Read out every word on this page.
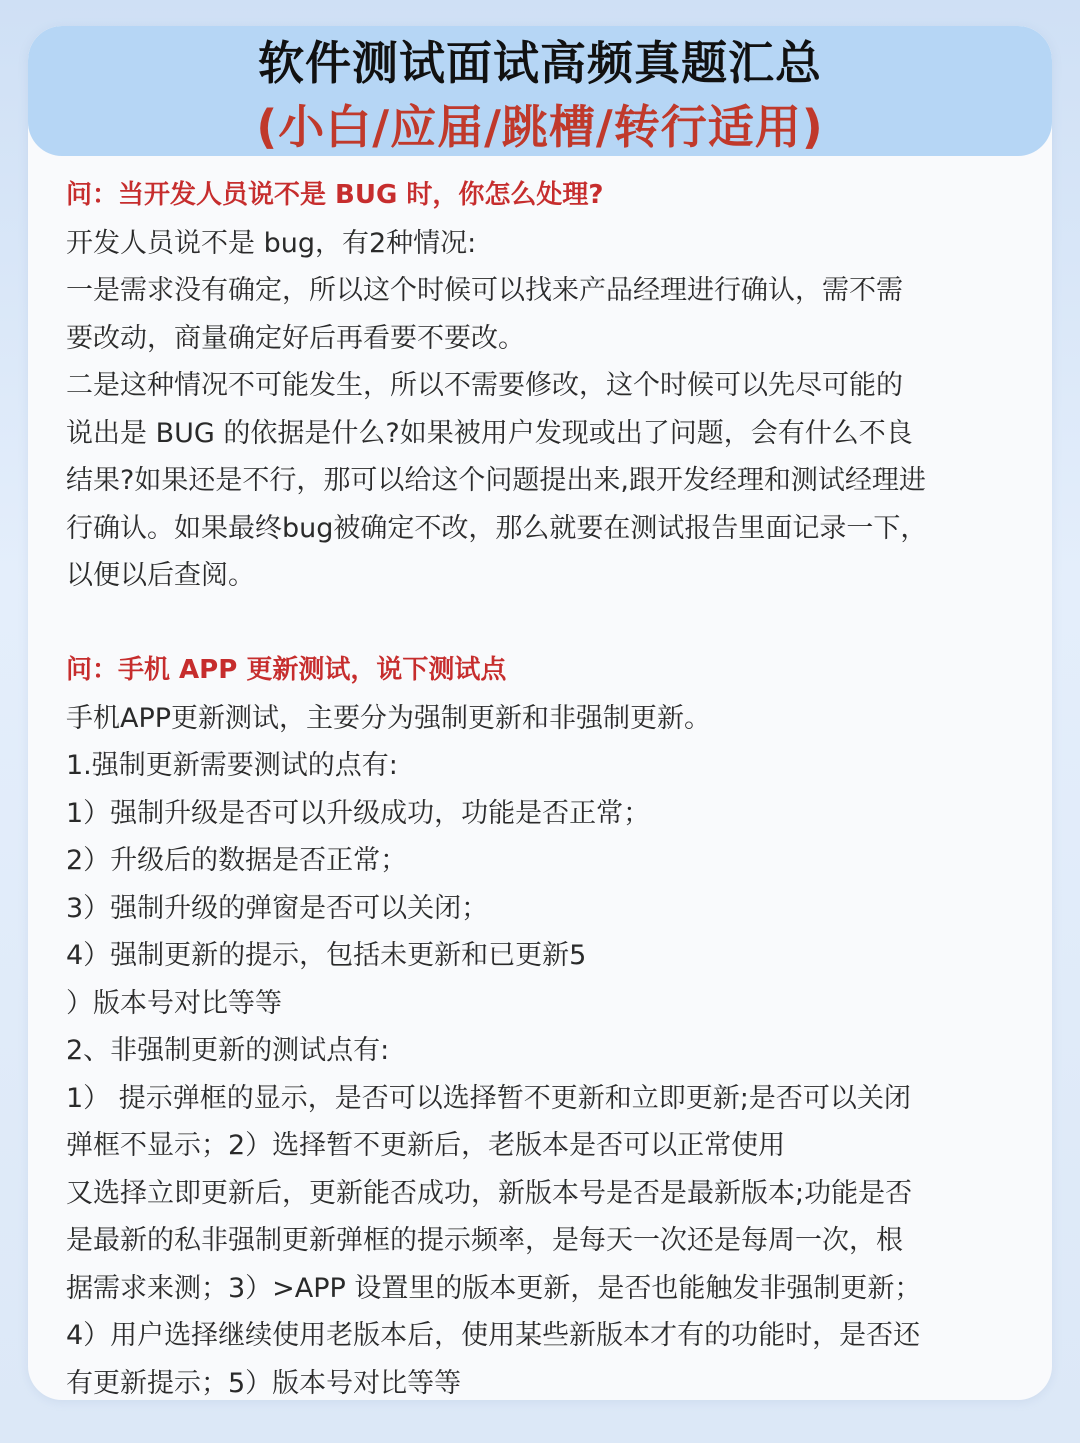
软件测试面试高频真题汇总
(小白/应届/跳槽/转行适用)
问：当开发人员说不是 BUG 时，你怎么处理?
开发人员说不是 bug，有2种情况:
一是需求没有确定，所以这个时候可以找来产品经理进行确认，需不需
要改动，商量确定好后再看要不要改。
二是这种情况不可能发生，所以不需要修改，这个时候可以先尽可能的
说出是 BUG 的依据是什么?如果被用户发现或出了问题，会有什么不良
结果?如果还是不行，那可以给这个问题提出来,跟开发经理和测试经理进
行确认。如果最终bug被确定不改，那么就要在测试报告里面记录一下，
以便以后查阅。
问：手机 APP 更新测试，说下测试点
手机APP更新测试，主要分为强制更新和非强制更新。
1.强制更新需要测试的点有:
1）强制升级是否可以升级成功，功能是否正常；
2）升级后的数据是否正常；
3）强制升级的弹窗是否可以关闭；
4）强制更新的提示，包括未更新和已更新5
）版本号对比等等
2、非强制更新的测试点有:
1） 提示弹框的显示，是否可以选择暂不更新和立即更新;是否可以关闭
弹框不显示；2）选择暂不更新后，老版本是否可以正常使用
又选择立即更新后，更新能否成功，新版本号是否是最新版本;功能是否
是最新的私非强制更新弹框的提示频率，是每天一次还是每周一次，根
据需求来测；3）>APP 设置里的版本更新，是否也能触发非强制更新；
4）用户选择继续使用老版本后，使用某些新版本才有的功能时，是否还
有更新提示；5）版本号对比等等
